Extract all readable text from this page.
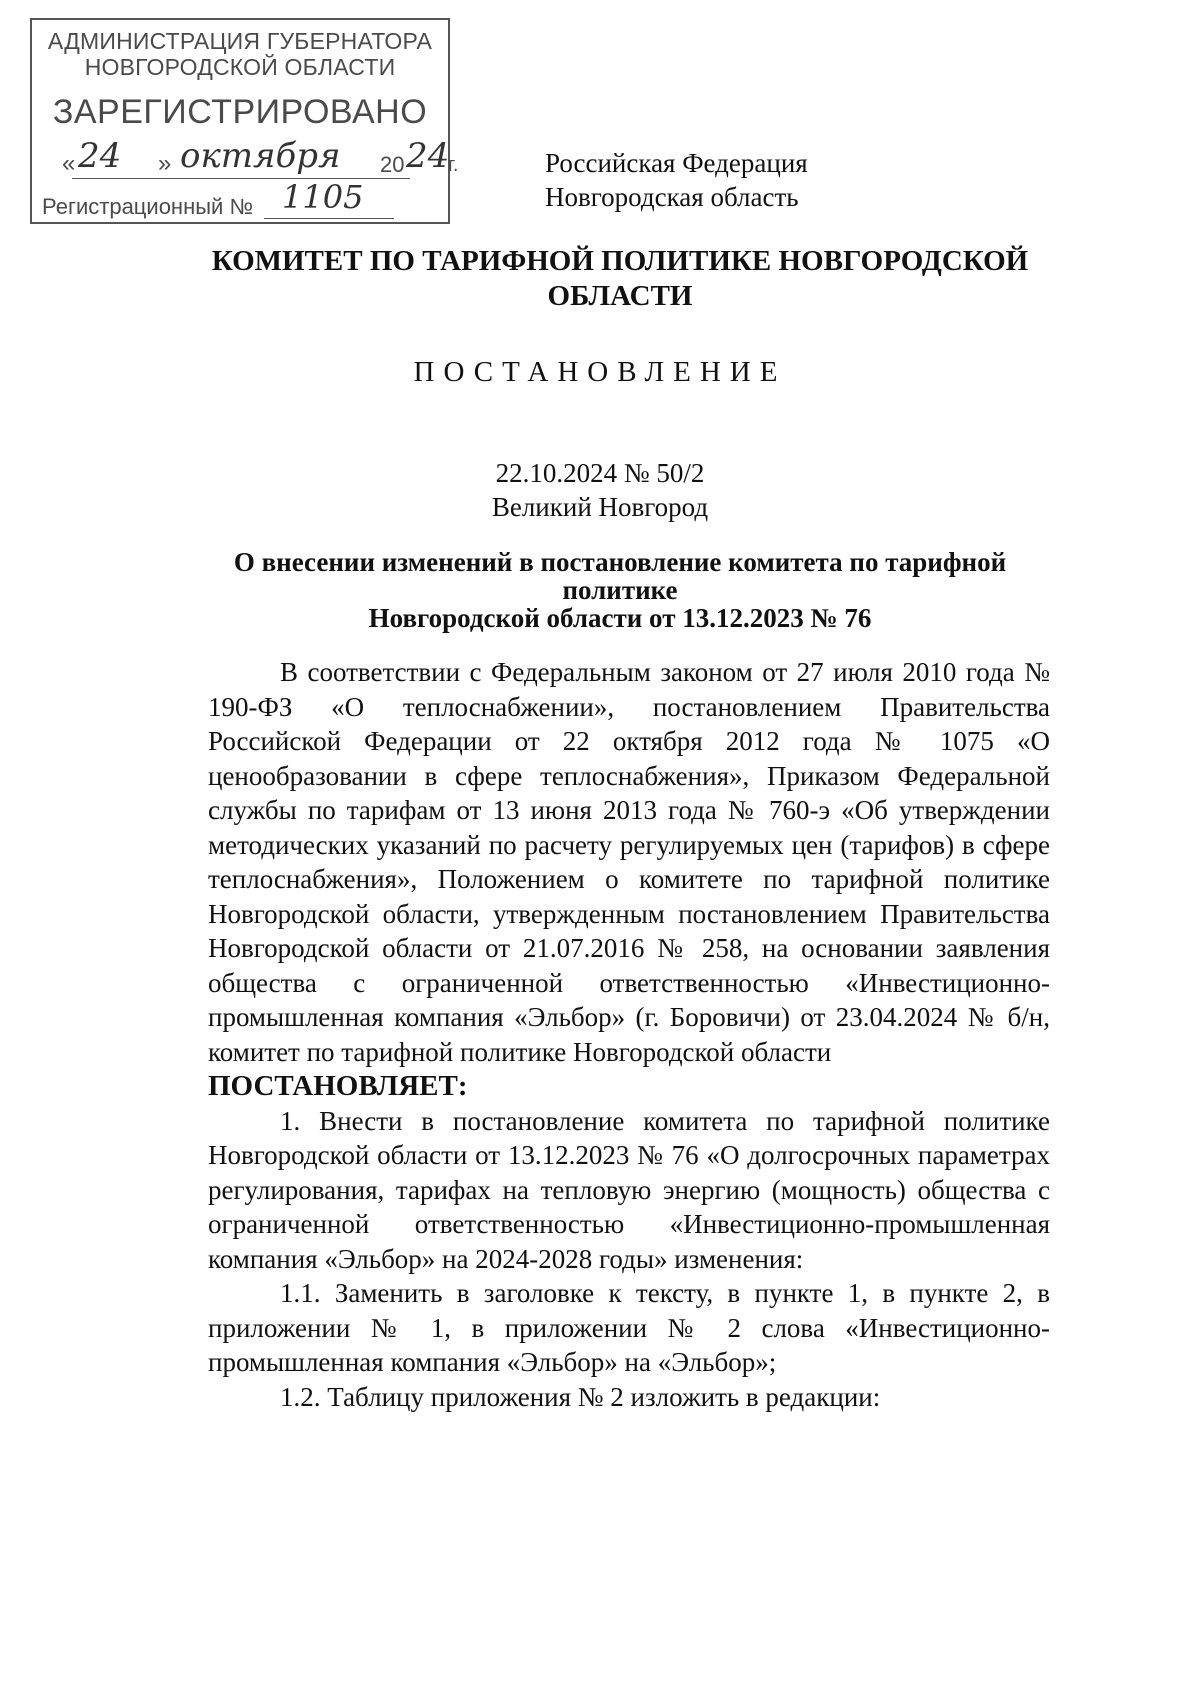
АДМИНИСТРАЦИЯ ГУБЕРНАТОРА
НОВГОРОДСКОЙ ОБЛАСТИ
ЗАРЕГИСТРИРОВАНО
« 24 » октября 20 24
г.
Регистрационный № 1105
Российская Федерация
Новгородская область
КОМИТЕТ ПО ТАРИФНОЙ ПОЛИТИКЕ НОВГОРОДСКОЙ
ОБЛАСТИ
ПОСТАНОВЛЕНИЕ
22.10.2024 № 50/2
Великий Новгород
О внесении изменений в постановление комитета по тарифной политике
Новгородской области от 13.12.2023 № 76

В соответствии с Федеральным законом от 27 июля 2010 года № 190-ФЗ «О теплоснабжении», постановлением Правительства Российской Федерации от 22 октября 2012 года № 1075 «О ценообразовании в сфере теплоснабжения», Приказом Федеральной службы по тарифам от 13 июня 2013 года № 760-э «Об утверждении методических указаний по расчету регулируемых цен (тарифов) в сфере теплоснабжения», Положением о комитете по тарифной политике Новгородской области, утвержденным постановлением Правительства Новгородской области от 21.07.2016 № 258, на основании заявления общества с ограниченной ответственностью «Инвестиционно-промышленная компания «Эльбор» (г. Боровичи) от 23.04.2024 № б/н, комитет по тарифной политике Новгородской области

ПОСТАНОВЛЯЕТ:

1. Внести в постановление комитета по тарифной политике Новгородской области от 13.12.2023 № 76 «О долгосрочных параметрах регулирования, тарифах на тепловую энергию (мощность) общества с ограниченной ответственностью «Инвестиционно-промышленная компания «Эльбор» на 2024-2028 годы» изменения:

1.1. Заменить в заголовке к тексту, в пункте 1, в пункте 2, в приложении № 1, в приложении № 2 слова «Инвестиционно-промышленная компания «Эльбор» на «Эльбор»;

1.2. Таблицу приложения № 2 изложить в редакции:
